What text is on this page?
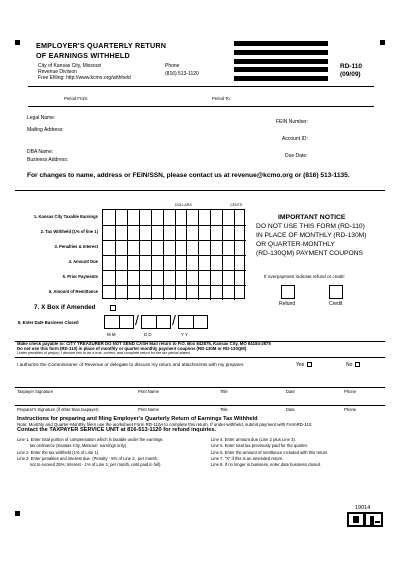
EMPLOYER'S QUARTERLY RETURN
OF EARNINGS WITHHELD
City of Kansas City, Missouri
Revenue Division
Free Efiling: http://www.kcmo.org/withheld
Phone
(816) 513-1120
RD-110
(09/09)
Period From:	Period To:
Legal Name:
Mailing Address:
FEIN Number:
Account ID:
DBA Name:
Business Address:
Due Date:
For changes to name, address or FEIN/SSN, please contact us at revenue@kcmo.org or (816) 513-1135.
DOLLARS	CENTS
1. Kansas City Taxable Earnings
2. Tax Withheld (1% of line 1)
3. Penalties & Interest
4. Amount Due
5. Prior Payments
6. Amount of Remittance
7. X Box if Amended
8. Enter Date Business Closed	/ /
M M	D D	Y Y
IMPORTANT NOTICE
DO NOT USE THIS FORM (RD-110)
IN PLACE OF MONTHLY (RD-130M)
OR QUARTER-MONTHLY
(RD-130QM) PAYMENT COUPONS
If overpayment indicate refund or credit:
Refund	Credit
Make check payable to: CITY TREASURER DO NOT SEND CASH Mail return to P.O. Box 842875, Kansas City, MO 64184-2875
Do not use this form (RD-110) in place of monthly or quarter-monthly payment coupons (RD-130M or RD-130QM)
Under penalties of perjury, I declare this to be a true, correct, and complete return for the tax period stated.
I authorize the Commissioner of Revenue or delegate to discuss my return and attachments with my preparer.	Yes	No
Taxpayer Signature	Print Name	Title	Date	Phone
Preparer's Signature (if other than taxpayer)	Print Name	Title	Date	Phone
Instructions for preparing and filing Employer's Quarterly Return of Earnings Tax Withheld
Note: Monthly and Quarter-Monthly filers use the worksheet Form RD-110A to complete this return. If under-withheld, submit payment with FormRD-110.
Contact the TAXPAYER SERVICE UNIT at 816-513-1120 for refund inquiries.
Line 1. Enter total portion of compensation which is taxable under the earnings
tax ordinance (Kansas City, Missouri  earnings only).
Line 2. Enter the tax withheld (1% of Line 1).
Line 3. Enter penalties and interest due. (Penalty - 5% of Line 2,  per month,
not to exceed 25%; Interest - 1% of Line 2, per month, until paid in full).
Line 4. Enter amount due (Line 2 plus Line 3).
Line 5. Enter total tax previously paid for the quarter.
Line 6. Enter the amount of remittance included with this return.
Line 7. "X" if this is an amended return.
Line 8. If no longer in business, enter date business closed.
19014
